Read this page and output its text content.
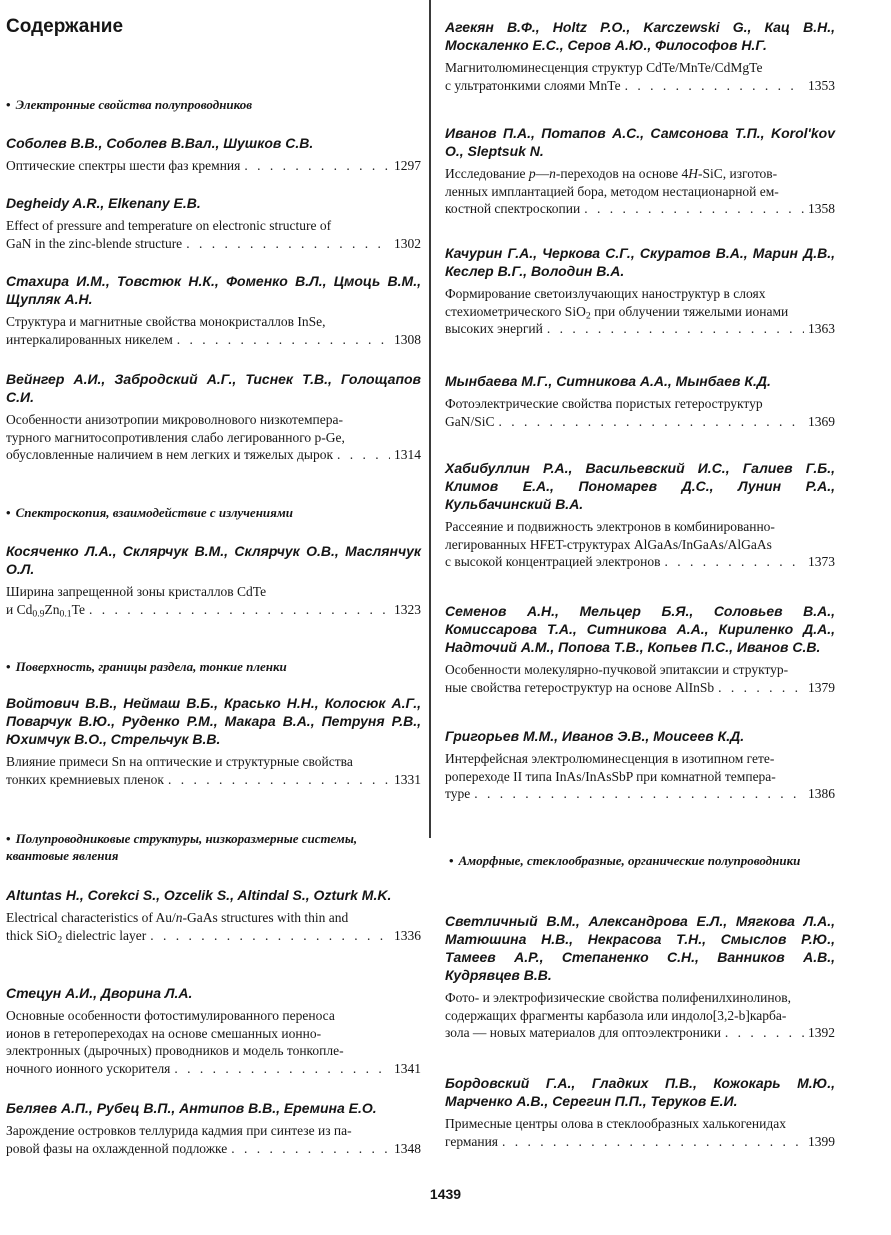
Содержание
• Электронные свойства полупроводников

Соболев В.В., Соболев В.Вал., Шушков С.В.

Оптические спектры шести фаз кремния . . .	1297

Degheidy A.R., Elkenany E.B.

Effect of pressure and temperature on electronic structure of
GaN in the zinc-blende structure . . .	1302

Стахира И.М., Товстюк Н.К., Фоменко В.Л., Цмоць В.М., Щупляк А.Н.

Структура и магнитные свойства монокристаллов InSe,
интеркалированных никелем . . .	1308

Вейнгер А.И., Забродский А.Г., Тиснек Т.В., Голощапов С.И.

Особенности анизотропии микроволнового низкотемпера-
турного магнитосопротивления слабо легированного p-Ge,
обусловленные наличием в нем легких и тяжелых дырок . . .	1314

• Спектроскопия, взаимодействие с излучениями

Косяченко Л.А., Склярчук В.М., Склярчук О.В., Маслянчук О.Л.

Ширина запрещенной зоны кристаллов CdTe
и $Cd_{0.9}Zn_{0.1}Te$ . . .	1323

• Поверхность, границы раздела, тонкие пленки

Войтович В.В., Неймаш В.Б., Красько Н.Н., Колосюк А.Г., Поварчук В.Ю., Руденко Р.М., Макара В.А., Петруня Р.В., Юхимчук В.О., Стрельчук В.В.

Влияние примеси Sn на оптические и структурные свойства
тонких кремниевых пленок . . .	1331

• Полупроводниковые структуры, низкоразмерные системы, квантовые явления

Altuntas H., Corekci S., Ozcelik S., Altindal S., Ozturk M.K.

Electrical characteristics of Au/n-GaAs structures with thin and
thick SiO$_2$ dielectric layer . . .	1336

Стецун А.И., Дворина Л.А.

Основные особенности фотостимулированного переноса
ионов в гетеропереходах на основе смешанных ионно-
электронных (дырочных) проводников и модель тонкопле-
ночного ионного ускорителя . . .	1341

Беляев А.П., Рубец В.П., Антипов В.В., Еремина Е.О.

Зарождение островков теллурида кадмия при синтезе из па-
ровой фазы на охлажденной подложке . . .	1348

Агекян В.Ф., Holtz P.O., Karczewski G., Кац В.Н., Москаленко Е.С., Серов А.Ю., Философов Н.Г.

Магнитолюминесценция структур CdTe/MnTe/CdMgTe
с ультратонкими слоями MnTe . . .	1353

Иванов П.А., Потапов А.С., Самсонова Т.П., Korol'kov O., Sleptsuk N.

Исследование p—n-переходов на основе 4H-SiC, изготов-
ленных имплантацией бора, методом нестационарной ем-
костной спектроскопии . . .	1358

Качурин Г.А., Черкова С.Г., Скуратов В.А., Марин Д.В., Кеслер В.Г., Володин В.А.

Формирование светоизлучающих наноструктур в слоях
стехиометрического SiO$_2$ при облучении тяжелыми ионами
высоких энергий . . .	1363

Мынбаева М.Г., Ситникова А.А., Мынбаев К.Д.

Фотоэлектрические свойства пористых гетероструктур
GaN/SiC . . .	1369

Хабибуллин Р.А., Васильевский И.С., Галиев Г.Б., Климов Е.А., Пономарев Д.С., Лунин Р.А., Кульбачинский В.А.

Рассеяние и подвижность электронов в комбинированно-
легированных HFET-структурах AlGaAs/InGaAs/AlGaAs
с высокой концентрацией электронов . . .	1373

Семенов А.Н., Мельцер Б.Я., Соловьев В.А., Комиссарова Т.А., Ситникова А.А., Кириленко Д.А., Надточий А.М., Попова Т.В., Копьев П.С., Иванов С.В.

Особенности молекулярно-пучковой эпитаксии и структур-
ные свойства гетероструктур на основе AlInSb . . .	1379

Григорьев М.М., Иванов Э.В., Моисеев К.Д.

Интерфейсная электролюминесценция в изотипном гете-
ропереходе II типа InAs/InAsSbP при комнатной темпера-
туре . . .	1386

• Аморфные, стеклообразные, органические полупроводники

Светличный В.М., Александрова Е.Л., Мягкова Л.А., Матюшина Н.В., Некрасова Т.Н., Смыслов Р.Ю., Тамеев А.Р., Степаненко С.Н., Ванников А.В., Кудрявцев В.В.

Фото- и электрофизические свойства полифенилхинолинов,
содержащих фрагменты карбазола или индоло[3,2-b]карба-
зола — новых материалов для оптоэлектроники . . .	1392

Бордовский Г.А., Гладких П.В., Кожокарь М.Ю., Марченко А.В., Серегин П.П., Теруков Е.И.

Примесные центры олова в стеклообразных халькогенидах
германия . . .	1399

1439
